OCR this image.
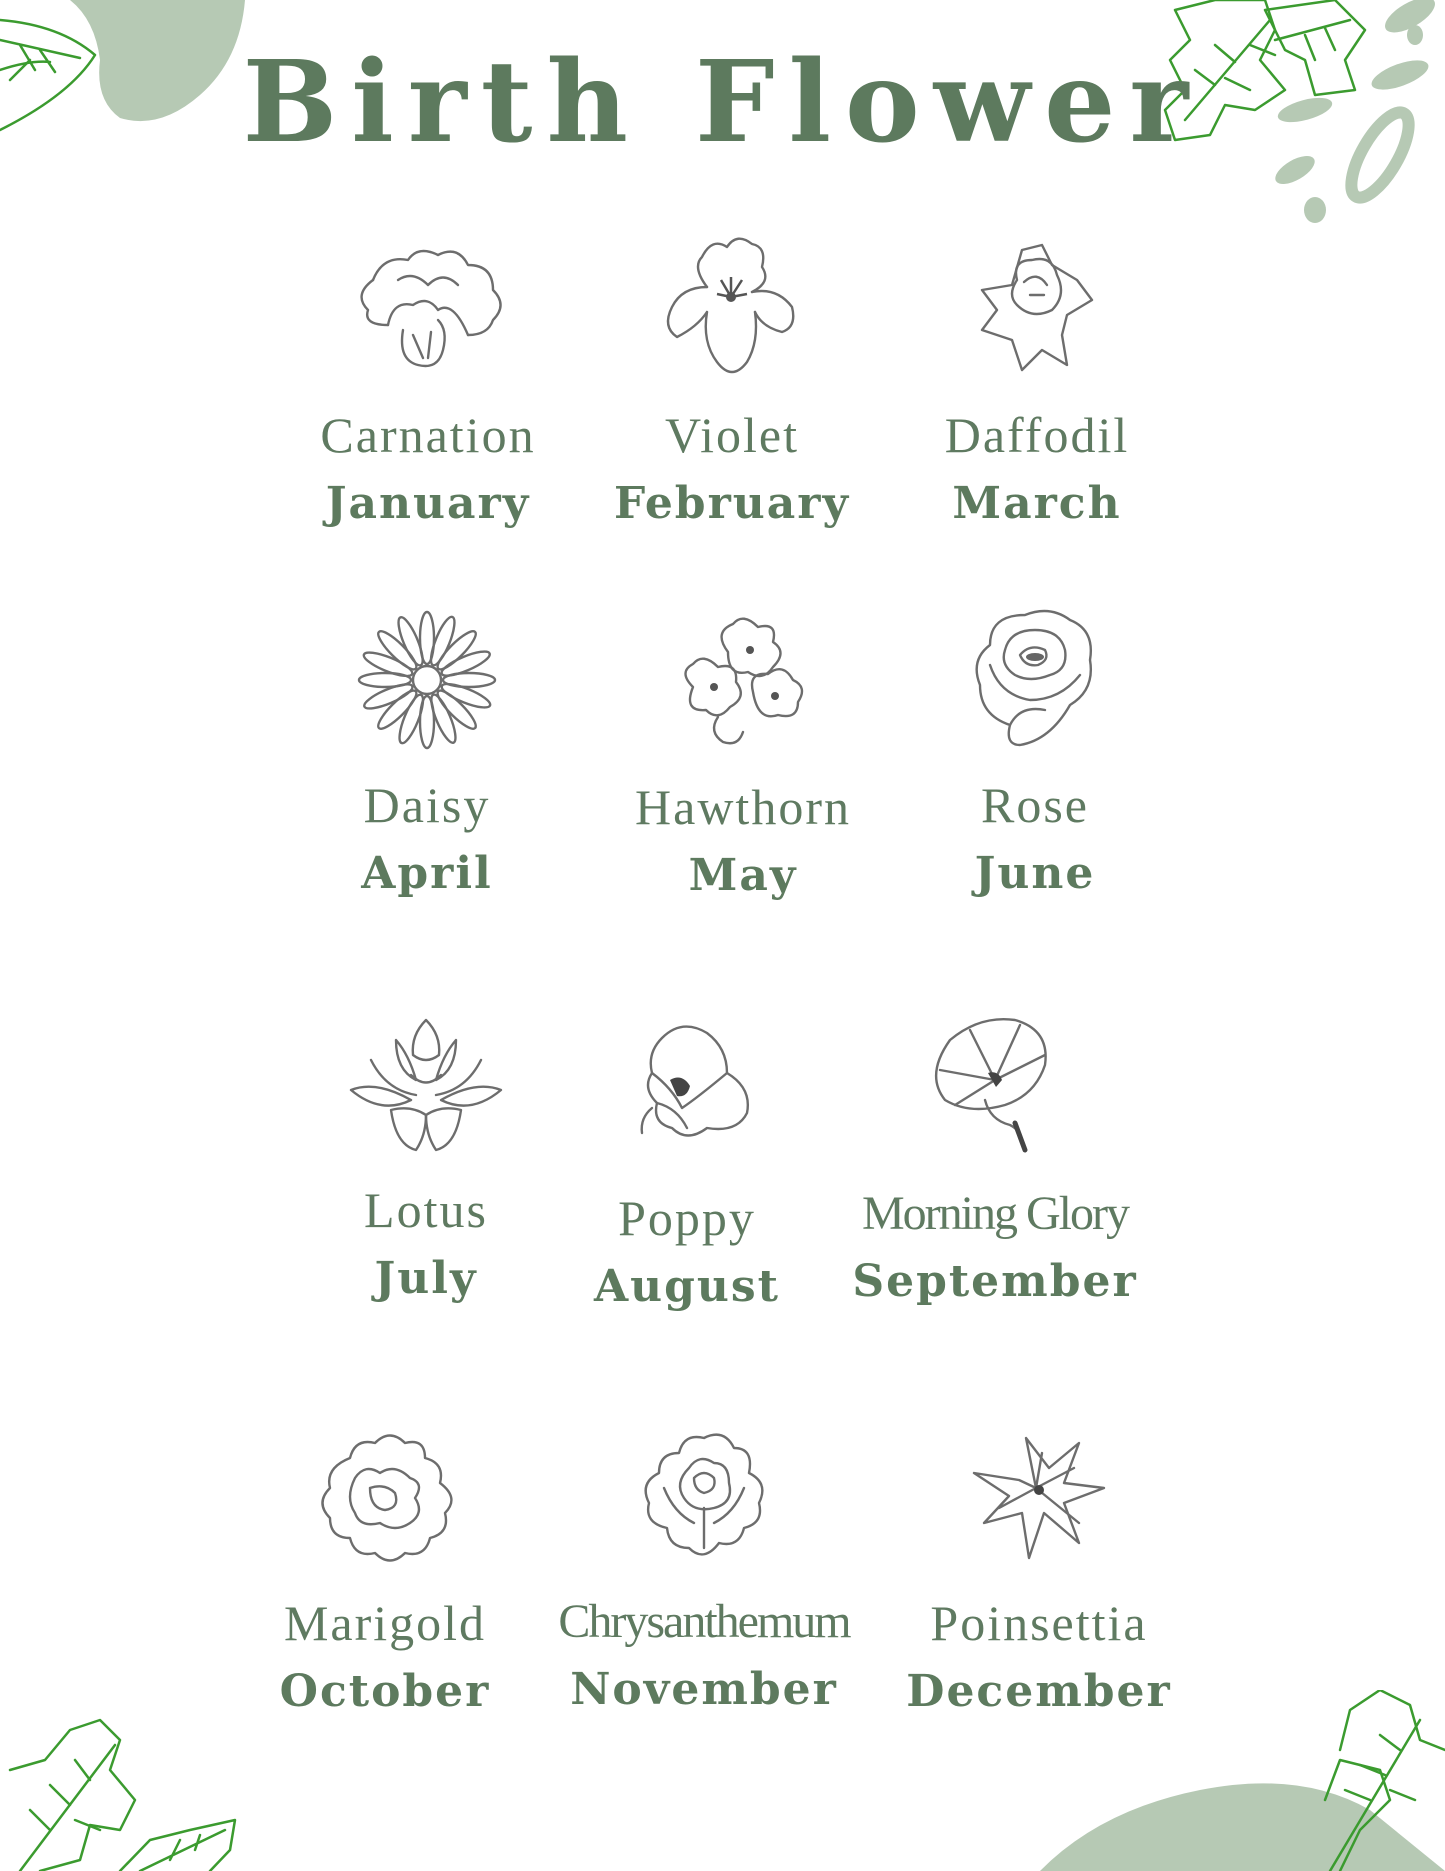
Birth Flower
Carnation
January
Violet
February
Daffodil
March
Daisy
April
Hawthorn
May
Rose
June
Lotus
July
Poppy
August
Morning Glory
September
Marigold
October
Chrysanthemum
November
Poinsettia
December
